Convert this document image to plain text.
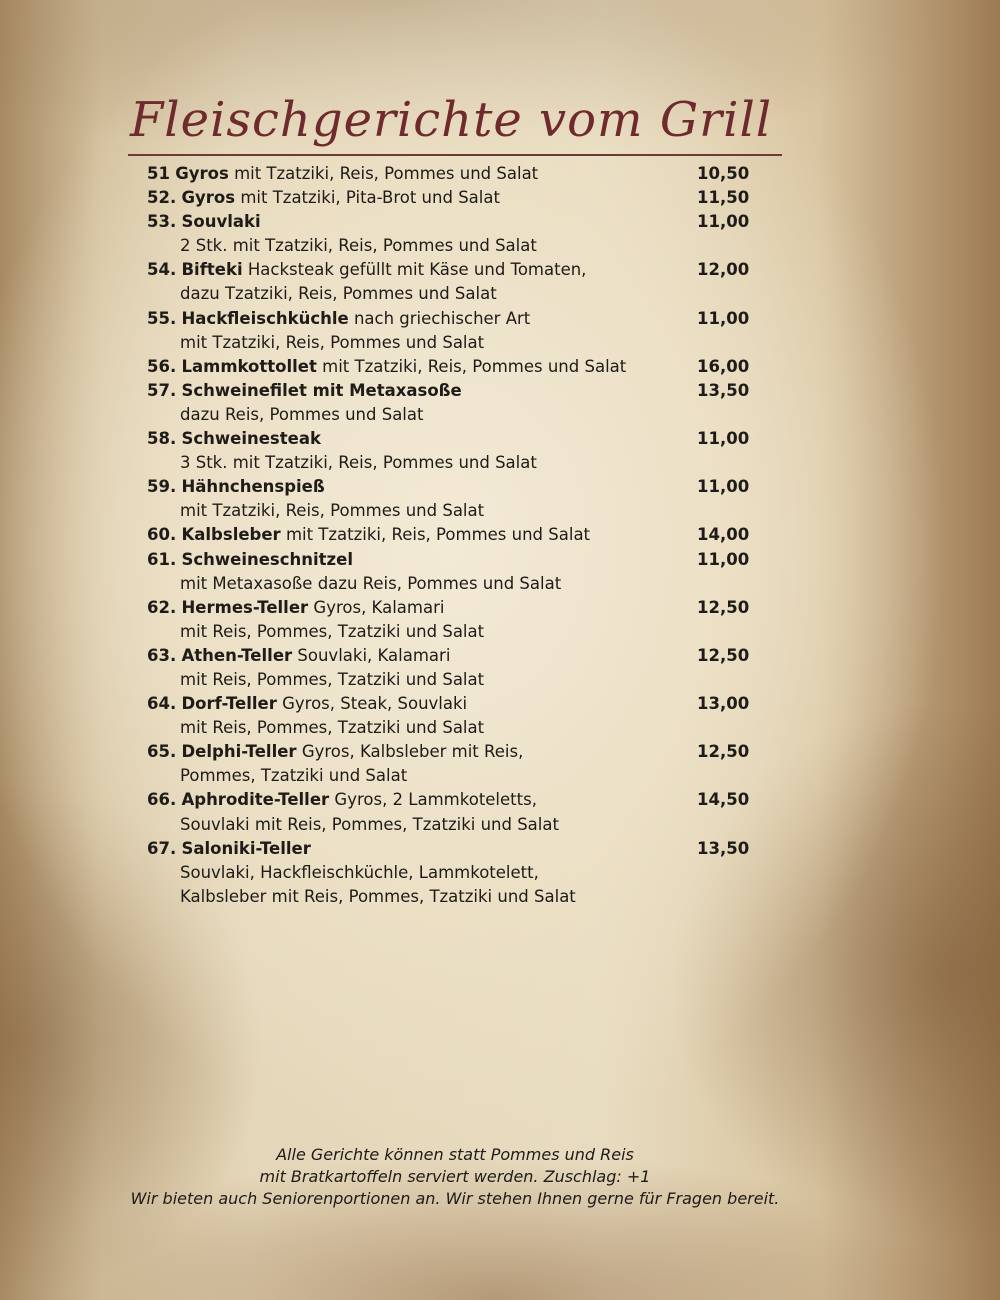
Fleischgerichte vom Grill
51 Gyros mit Tzatziki, Reis, Pommes und Salat	10,50
52. Gyros mit Tzatziki, Pita-Brot und Salat	11,50
53. Souvlaki	11,00
2 Stk. mit Tzatziki, Reis, Pommes und Salat
54. Bifteki Hacksteak gefüllt mit Käse und Tomaten,	12,00
dazu Tzatziki, Reis, Pommes und Salat
55. Hackfleischküchle nach griechischer Art	11,00
mit Tzatziki, Reis, Pommes und Salat
56. Lammkottollet mit Tzatziki, Reis, Pommes und Salat	16,00
57. Schweinefilet mit Metaxasoße	13,50
dazu Reis, Pommes und Salat
58. Schweinesteak	11,00
3 Stk. mit Tzatziki, Reis, Pommes und Salat
59. Hähnchenspieß	11,00
mit Tzatziki, Reis, Pommes und Salat
60. Kalbsleber mit Tzatziki, Reis, Pommes und Salat	14,00
61. Schweineschnitzel	11,00
mit Metaxasoße dazu Reis, Pommes und Salat
62. Hermes-Teller Gyros, Kalamari	12,50
mit Reis, Pommes, Tzatziki und Salat
63. Athen-Teller Souvlaki, Kalamari	12,50
mit Reis, Pommes, Tzatziki und Salat
64. Dorf-Teller Gyros, Steak, Souvlaki	13,00
mit Reis, Pommes, Tzatziki und Salat
65. Delphi-Teller Gyros, Kalbsleber mit Reis,	12,50
Pommes, Tzatziki und Salat
66. Aphrodite-Teller Gyros, 2 Lammkoteletts,	14,50
Souvlaki mit Reis, Pommes, Tzatziki und Salat
67. Saloniki-Teller	13,50
Souvlaki, Hackfleischküchle, Lammkotelett,
Kalbsleber mit Reis, Pommes, Tzatziki und Salat
Alle Gerichte können statt Pommes und Reis
mit Bratkartoffeln serviert werden. Zuschlag: +1
Wir bieten auch Seniorenportionen an. Wir stehen Ihnen gerne für Fragen bereit.
